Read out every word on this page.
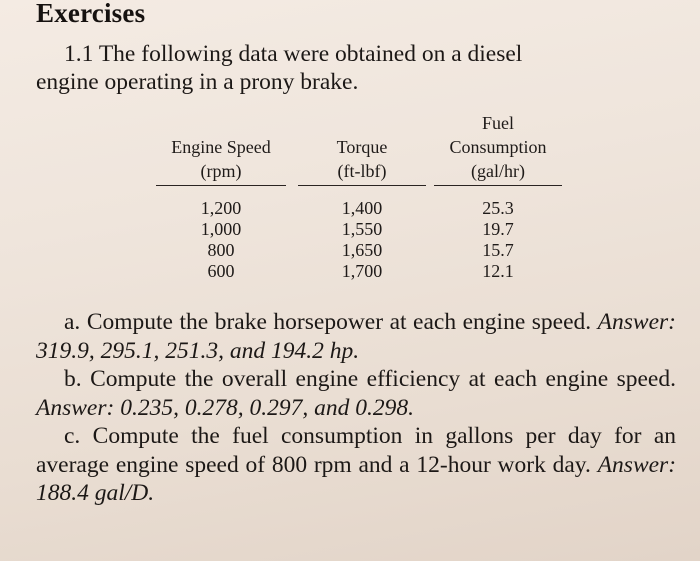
Exercises
1.1 The following data were obtained on a diesel
engine operating in a prony brake.
		Fuel
Engine Speed	Torque	Consumption

(rpm)	(ft-lbf)	(gal/hr)

1,200	1,400	25.3
1,000	1,550	19.7
800	1,650	15.7
600	1,700	12.1
a. Compute the brake horsepower at each engine speed. Answer: 319.9, 295.1, 251.3, and 194.2 hp.
b. Compute the overall engine efficiency at each engine speed. Answer: 0.235, 0.278, 0.297, and 0.298.
c. Compute the fuel consumption in gallons per day for an average engine speed of 800 rpm and a 12-hour work day. Answer: 188.4 gal/D.
